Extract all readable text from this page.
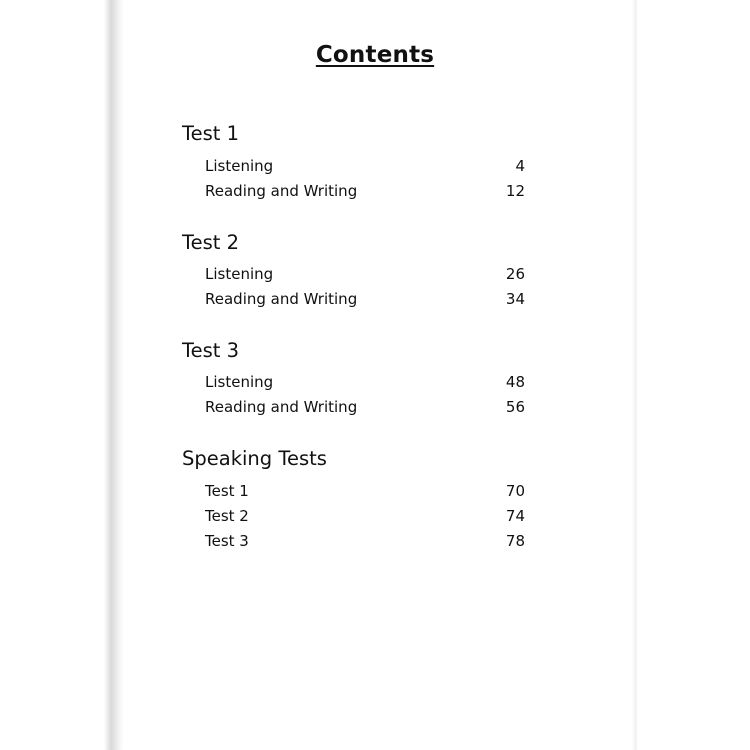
Contents
Test 1
Listening	4
Reading and Writing	12
Test 2
Listening	26
Reading and Writing	34
Test 3
Listening	48
Reading and Writing	56
Speaking Tests
Test 1	70
Test 2	74
Test 3	78
